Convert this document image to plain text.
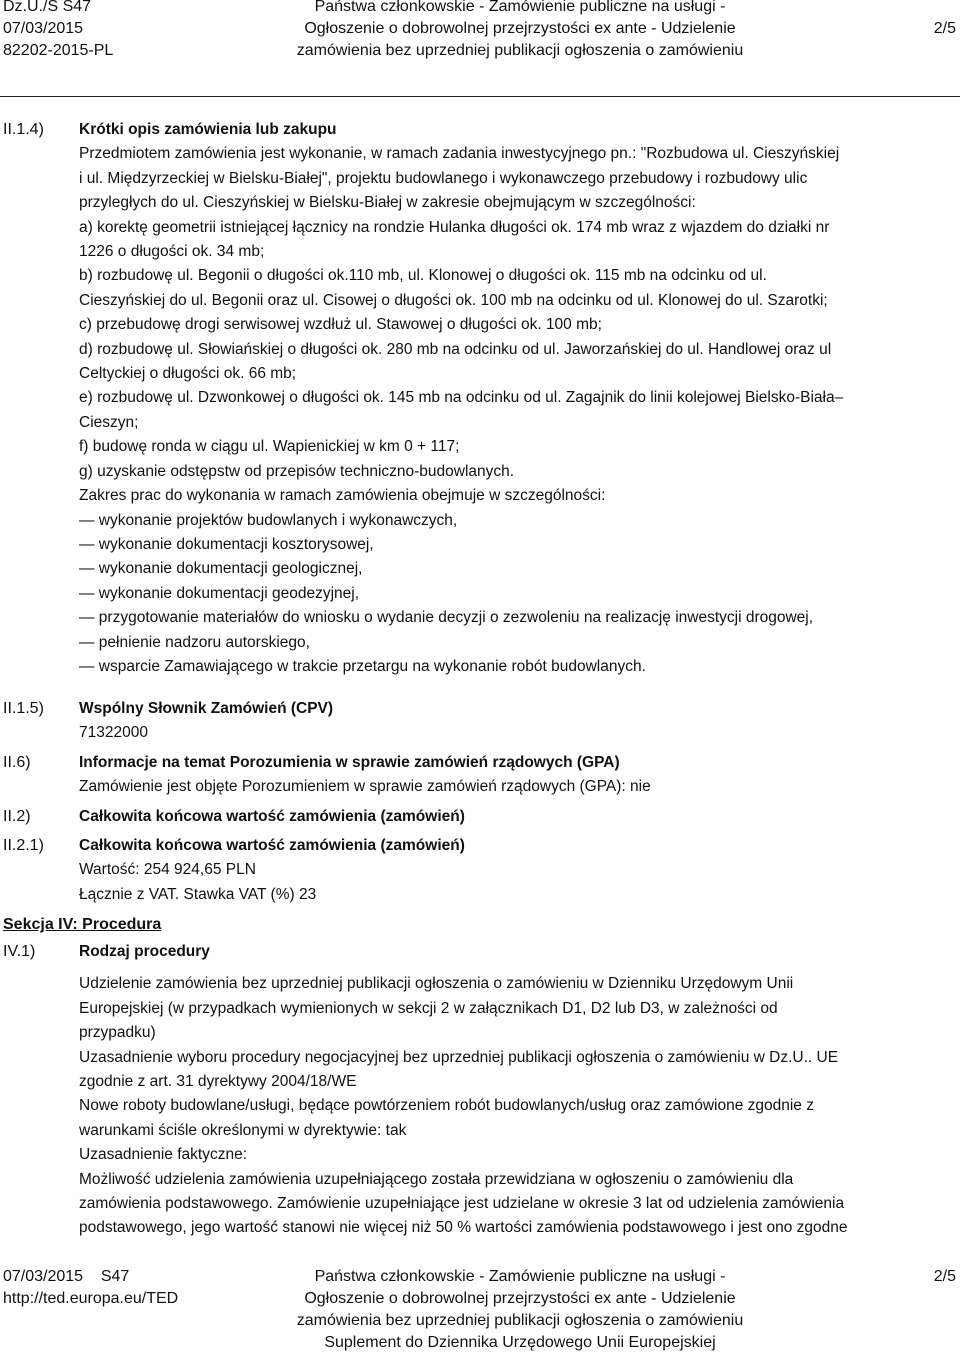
Dz.U./S S47
07/03/2015
82202-2015-PL
Państwa członkowskie - Zamówienie publiczne na usługi -
Ogłoszenie o dobrowolnej przejrzystości ex ante - Udzielenie
zamówienia bez uprzedniej publikacji ogłoszenia o zamówieniu
2/5
II.1.4) Krótki opis zamówienia lub zakupu

Przedmiotem zamówienia jest wykonanie, w ramach zadania inwestycyjnego pn.: "Rozbudowa ul. Cieszyńskiej

i ul. Międzyrzeckiej w Bielsku-Białej", projektu budowlanego i wykonawczego przebudowy i rozbudowy ulic

przyległych do ul. Cieszyńskiej w Bielsku-Białej w zakresie obejmującym w szczególności:

a) korektę geometrii istniejącej łącznicy na rondzie Hulanka długości ok. 174 mb wraz z wjazdem do działki nr

1226 o długości ok. 34 mb;

b) rozbudowę ul. Begonii o długości ok.110 mb, ul. Klonowej o długości ok. 115 mb na odcinku od ul.

Cieszyńskiej do ul. Begonii oraz ul. Cisowej o długości ok. 100 mb na odcinku od ul. Klonowej do ul. Szarotki;

c) przebudowę drogi serwisowej wzdłuż ul. Stawowej o długości ok. 100 mb;

d) rozbudowę ul. Słowiańskiej o długości ok. 280 mb na odcinku od ul. Jaworzańskiej do ul. Handlowej oraz ul

Celtyckiej o długości ok. 66 mb;

e) rozbudowę ul. Dzwonkowej o długości ok. 145 mb na odcinku od ul. Zagajnik do linii kolejowej Bielsko-Biała–

Cieszyn;

f) budowę ronda w ciągu ul. Wapienickiej w km 0 + 117;

g) uzyskanie odstępstw od przepisów techniczno-budowlanych.

Zakres prac do wykonania w ramach zamówienia obejmuje w szczególności:

— wykonanie projektów budowlanych i wykonawczych,

— wykonanie dokumentacji kosztorysowej,

— wykonanie dokumentacji geologicznej,

— wykonanie dokumentacji geodezyjnej,

— przygotowanie materiałów do wniosku o wydanie decyzji o zezwoleniu na realizację inwestycji drogowej,

— pełnienie nadzoru autorskiego,

— wsparcie Zamawiającego w trakcie przetargu na wykonanie robót budowlanych.

II.1.5) Wspólny Słownik Zamówień (CPV)

71322000

II.6)	Informacje na temat Porozumienia w sprawie zamówień rządowych (GPA)

Zamówienie jest objęte Porozumieniem w sprawie zamówień rządowych (GPA): nie

II.2)	Całkowita końcowa wartość zamówienia (zamówień)

II.2.1) Całkowita końcowa wartość zamówienia (zamówień)

Wartość: 254 924,65 PLN

Łącznie z VAT. Stawka VAT (%) 23

Sekcja IV: Procedura
IV.1)	Rodzaj procedury

Udzielenie zamówienia bez uprzedniej publikacji ogłoszenia o zamówieniu w Dzienniku Urzędowym Unii

Europejskiej (w przypadkach wymienionych w sekcji 2 w załącznikach D1, D2 lub D3, w zależności od

przypadku)

Uzasadnienie wyboru procedury negocjacyjnej bez uprzedniej publikacji ogłoszenia o zamówieniu w Dz.U.. UE

zgodnie z art. 31 dyrektywy 2004/18/WE

Nowe roboty budowlane/usługi, będące powtórzeniem robót budowlanych/usług oraz zamówione zgodnie z

warunkami ściśle określonymi w dyrektywie: tak

Uzasadnienie faktyczne:

Możliwość udzielenia zamówienia uzupełniającego została przewidziana w ogłoszeniu o zamówieniu dla

zamówienia podstawowego. Zamówienie uzupełniające jest udzielane w okresie 3 lat od udzielenia zamówienia

podstawowego, jego wartość stanowi nie więcej niż 50 % wartości zamówienia podstawowego i jest ono zgodne

07/03/2015    S47
http://ted.europa.eu/TED
Państwa członkowskie - Zamówienie publiczne na usługi -
Ogłoszenie o dobrowolnej przejrzystości ex ante - Udzielenie
zamówienia bez uprzedniej publikacji ogłoszenia o zamówieniu
Suplement do Dziennika Urzędowego Unii Europejskiej
2/5
